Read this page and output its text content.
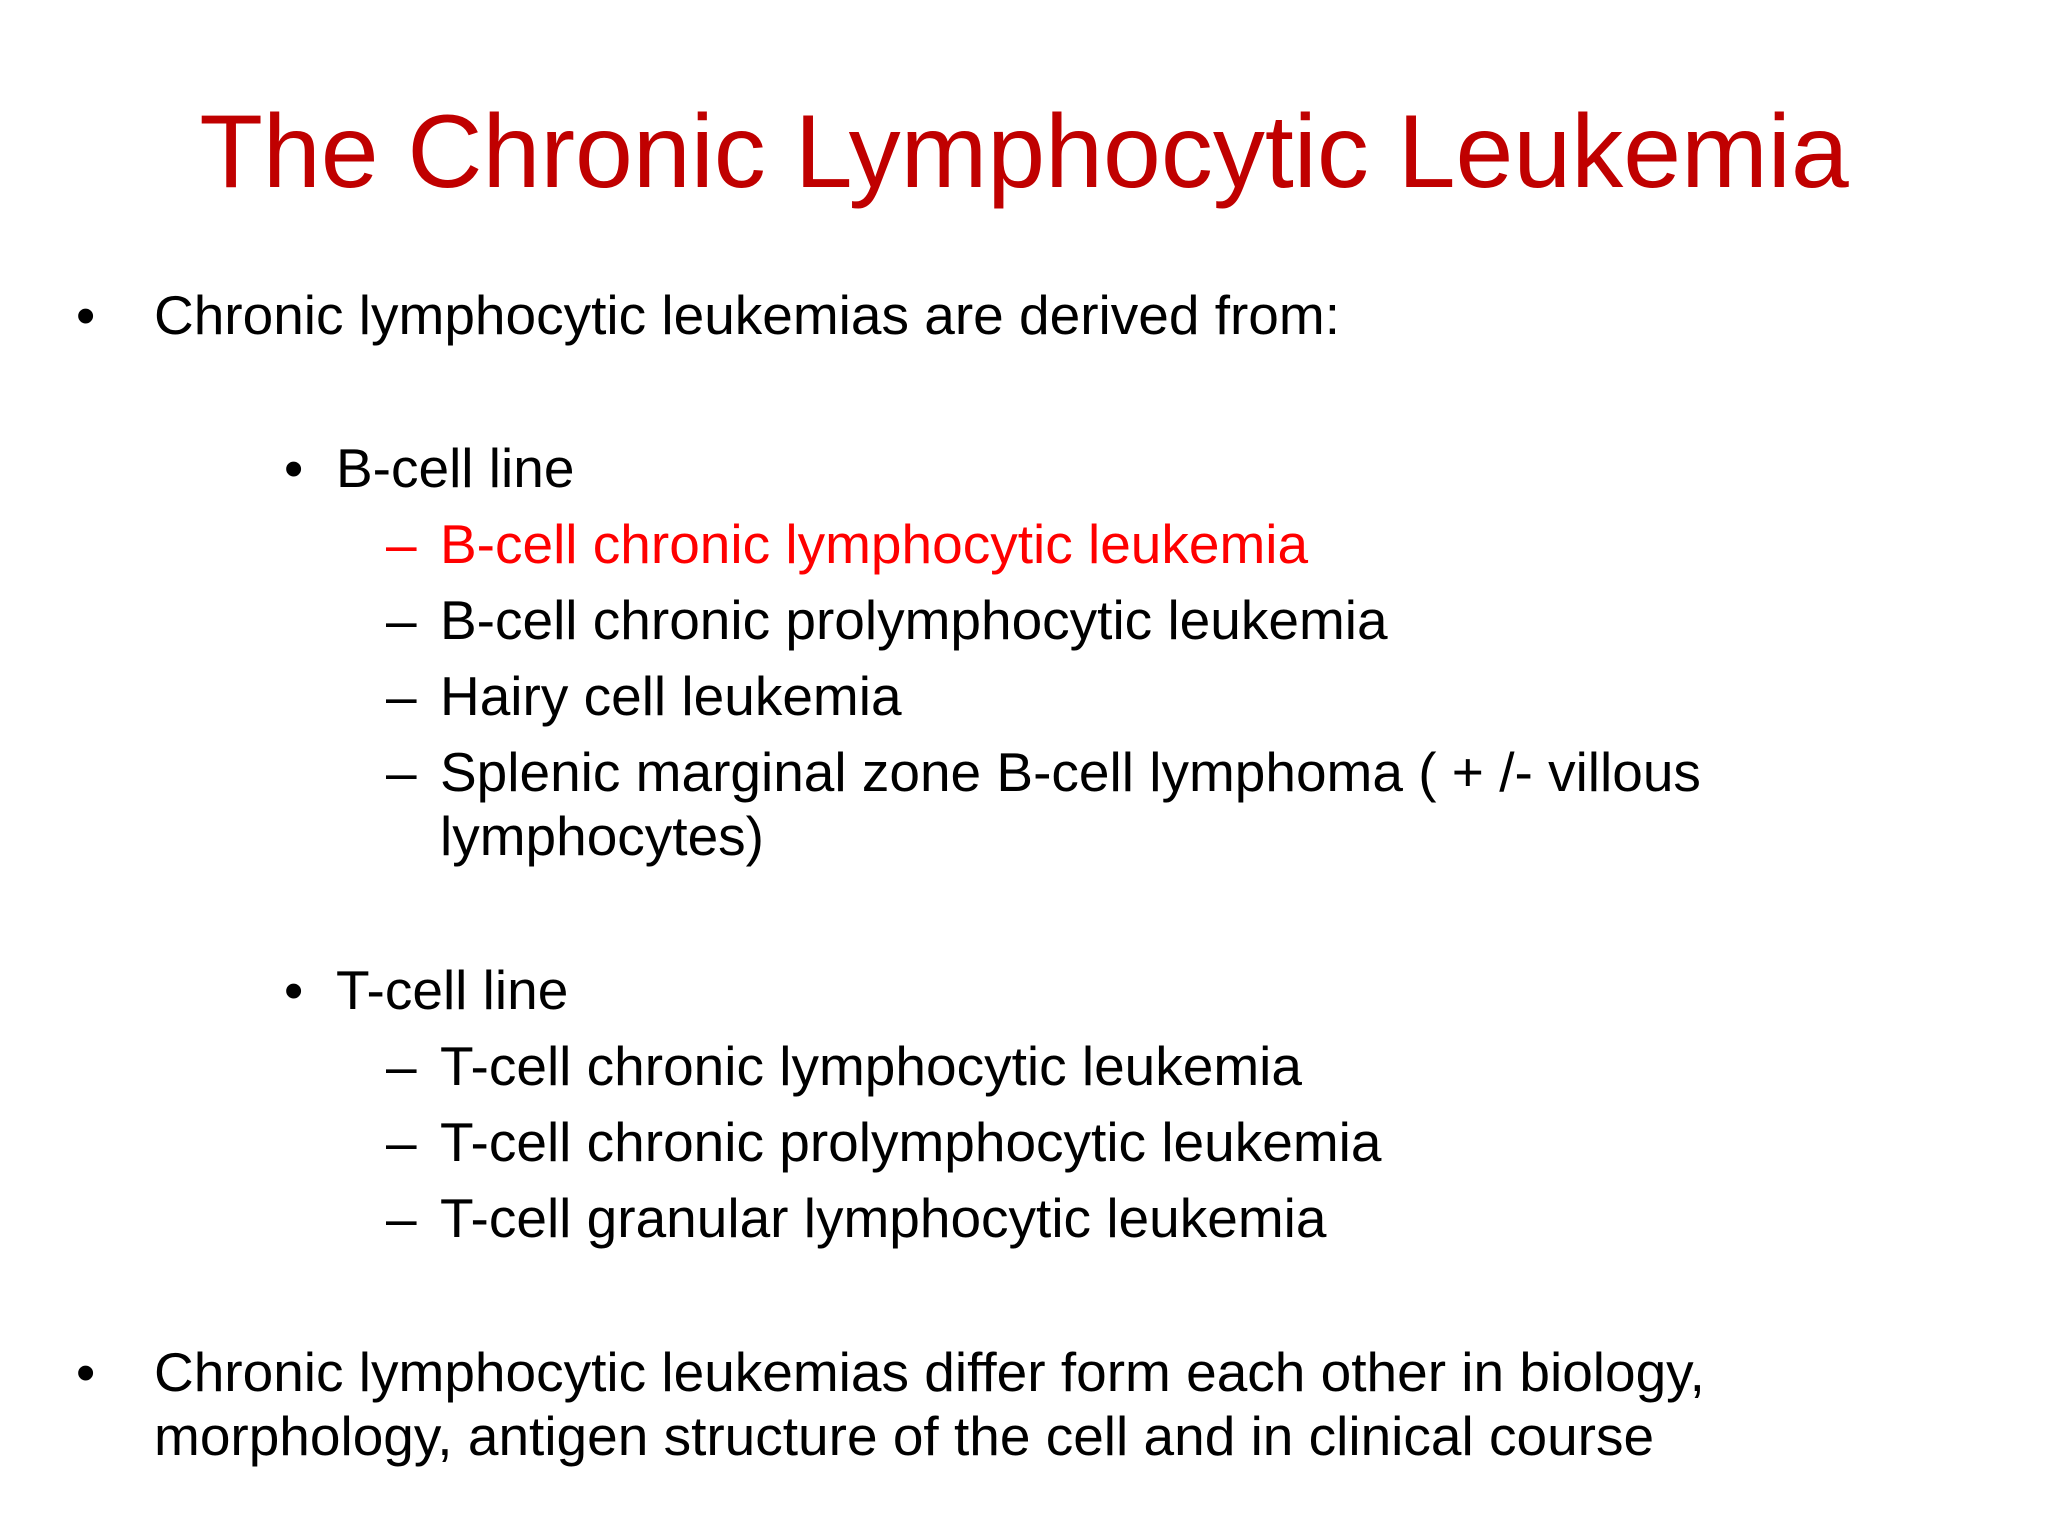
The Chronic Lymphocytic Leukemia
• Chronic lymphocytic leukemias are derived from:
• B-cell line
– B-cell chronic lymphocytic leukemia
– B-cell chronic prolymphocytic leukemia
– Hairy cell leukemia
– Splenic marginal zone B-cell lymphoma ( + /- villous lymphocytes)
• T-cell line
– T-cell chronic lymphocytic leukemia
– T-cell chronic prolymphocytic leukemia
– T-cell granular lymphocytic leukemia
• Chronic lymphocytic leukemias differ form each other in biology, morphology, antigen structure of the cell and in clinical course
